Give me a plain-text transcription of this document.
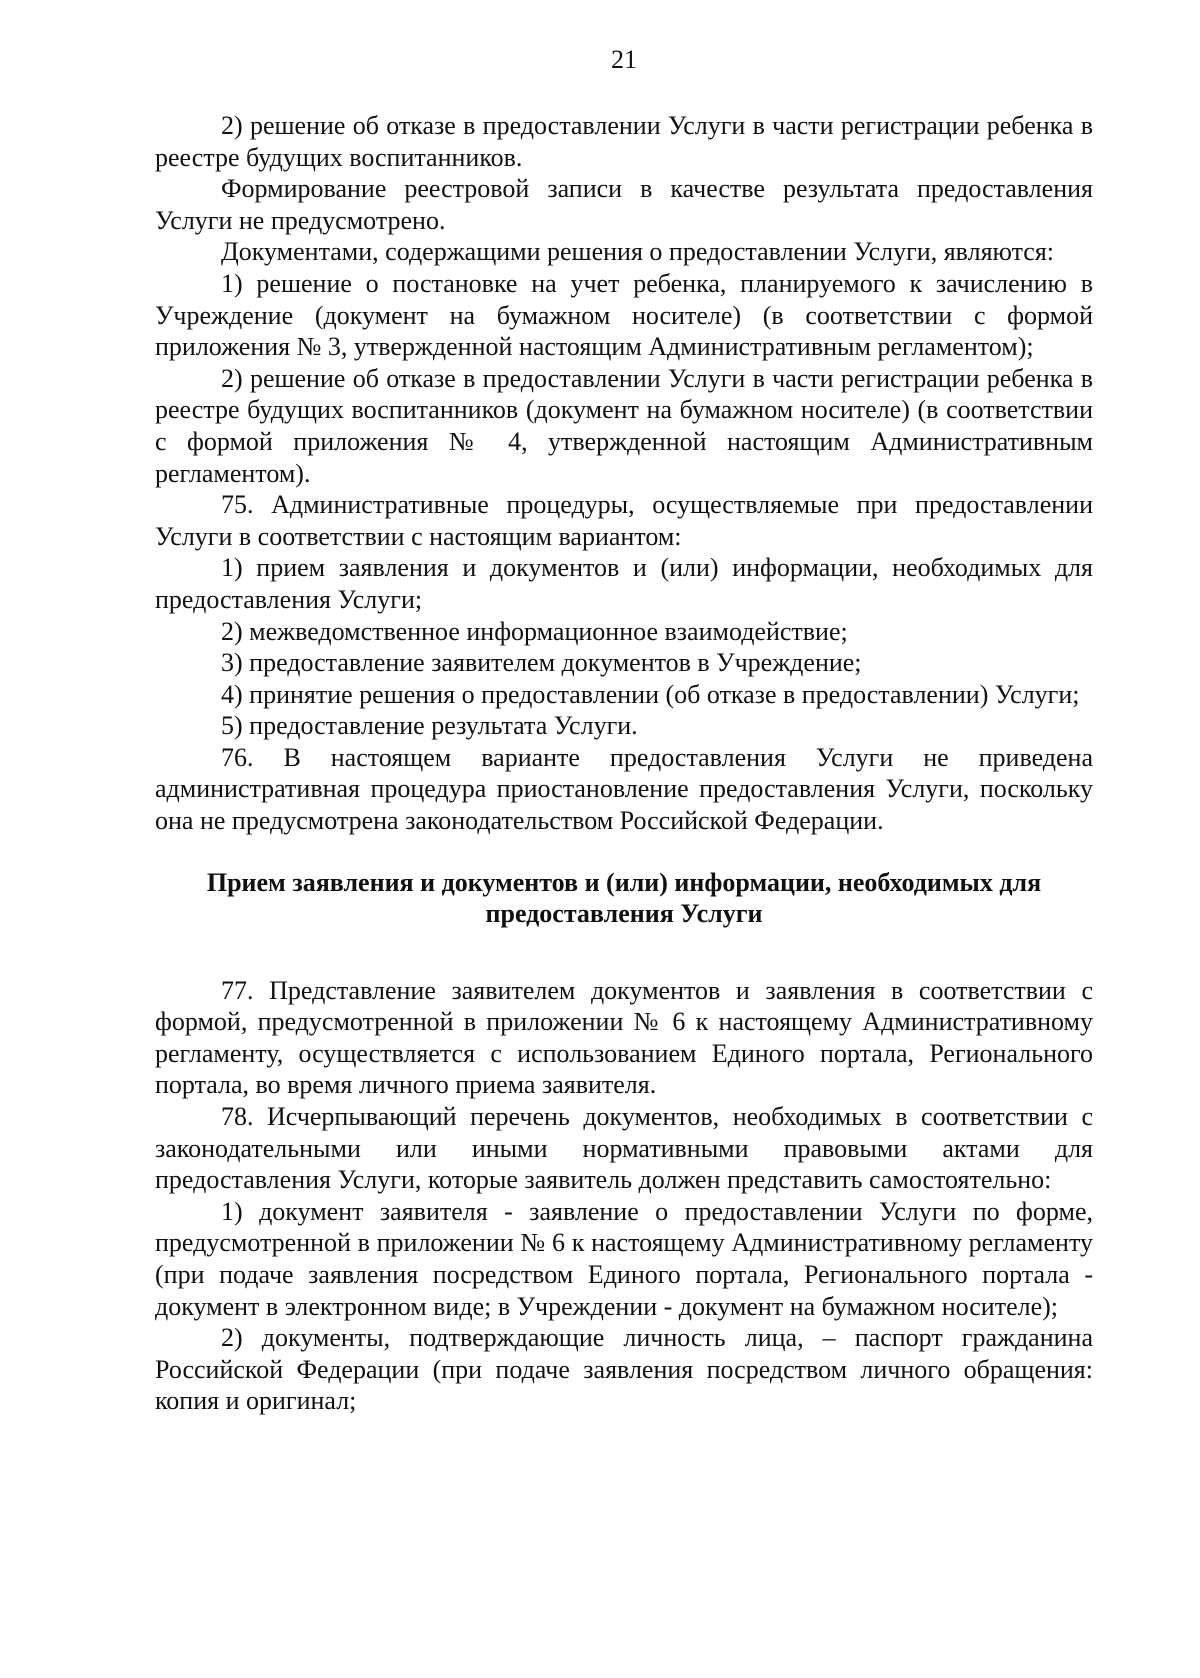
21

2) решение об отказе в предоставлении Услуги в части регистрации ребенка в реестре будущих воспитанников.

Формирование реестровой записи в качестве результата предоставления Услуги не предусмотрено.

Документами, содержащими решения о предоставлении Услуги, являются:

1) решение о постановке на учет ребенка, планируемого к зачислению в Учреждение (документ на бумажном носителе) (в соответствии с формой приложения № 3, утвержденной настоящим Административным регламентом);

2) решение об отказе в предоставлении Услуги в части регистрации ребенка в реестре будущих воспитанников (документ на бумажном носителе) (в соответствии с формой приложения № 4, утвержденной настоящим Административным регламентом).

75. Административные процедуры, осуществляемые при предоставлении Услуги в соответствии с настоящим вариантом:

1) прием заявления и документов и (или) информации, необходимых для предоставления Услуги;

2) межведомственное информационное взаимодействие;

3) предоставление заявителем документов в Учреждение;

4) принятие решения о предоставлении (об отказе в предоставлении) Услуги;

5) предоставление результата Услуги.

76. В настоящем варианте предоставления Услуги не приведена административная процедура приостановление предоставления Услуги, поскольку она не предусмотрена законодательством Российской Федерации.

Прием заявления и документов и (или) информации, необходимых для
предоставления Услуги

77. Представление заявителем документов и заявления в соответствии с формой, предусмотренной в приложении № 6 к настоящему Административному регламенту, осуществляется с использованием Единого портала, Регионального портала, во время личного приема заявителя.

78. Исчерпывающий перечень документов, необходимых в соответствии с законодательными или иными нормативными правовыми актами для предоставления Услуги, которые заявитель должен представить самостоятельно:

1) документ заявителя - заявление о предоставлении Услуги по форме, предусмотренной в приложении № 6 к настоящему Административному регламенту (при подаче заявления посредством Единого портала, Регионального портала - документ в электронном виде; в Учреждении - документ на бумажном носителе);

2) документы, подтверждающие личность лица, – паспорт гражданина Российской Федерации (при подаче заявления посредством личного обращения: копия и оригинал;
